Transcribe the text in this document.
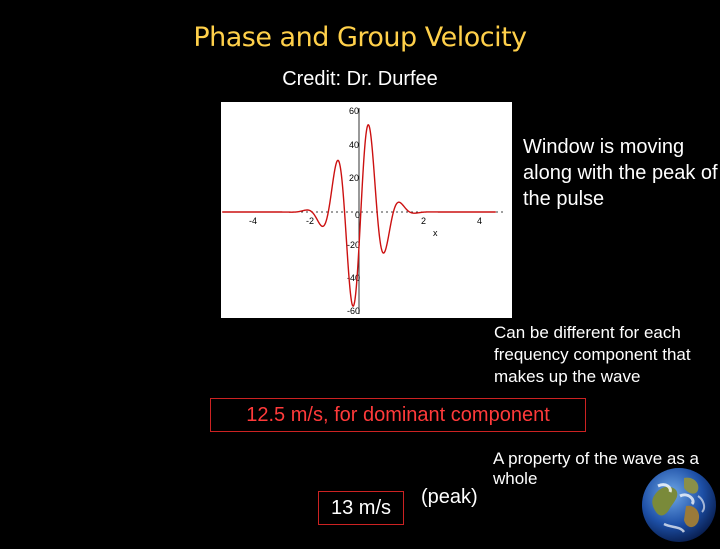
Phase and Group Velocity
Credit: Dr. Durfee
60
40
20
0
-20
-40
-60
-4	-2	2	4
x
Window is moving along with the peak of the pulse
Can be different for each frequency component that makes up the wave
12.5 m/s, for dominant component
A property of the wave as a whole
13 m/s (peak)
